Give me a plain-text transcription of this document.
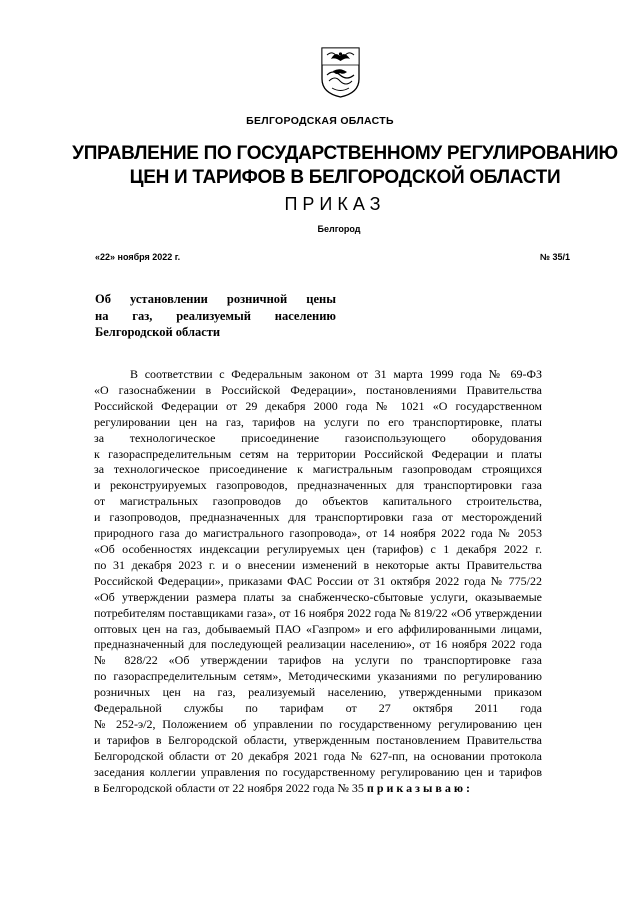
БЕЛГОРОДСКАЯ ОБЛАСТЬ
УПРАВЛЕНИЕ ПО ГОСУДАРСТВЕННОМУ РЕГУЛИРОВАНИЮ
ЦЕН И ТАРИФОВ В БЕЛГОРОДСКОЙ ОБЛАСТИ
ПРИКАЗ
Белгород
«22» ноября 2022 г.	№ 35/1
Об установлении розничной цены
на газ, реализуемый населению
Белгородской области
В соответствии с Федеральным законом от 31 марта 1999 года № 69-ФЗ
«О газоснабжении в Российской Федерации», постановлениями Правительства
Российской Федерации от 29 декабря 2000 года № 1021 «О государственном
регулировании цен на газ, тарифов на услуги по его транспортировке, платы
за технологическое присоединение газоиспользующего оборудования
к газораспределительным сетям на территории Российской Федерации и платы
за технологическое присоединение к магистральным газопроводам строящихся
и реконструируемых газопроводов, предназначенных для транспортировки газа
от магистральных газопроводов до объектов капитального строительства,
и газопроводов, предназначенных для транспортировки газа от месторождений
природного газа до магистрального газопровода», от 14 ноября 2022 года № 2053
«Об особенностях индексации регулируемых цен (тарифов) с 1 декабря 2022 г.
по 31 декабря 2023 г. и о внесении изменений в некоторые акты Правительства
Российской Федерации», приказами ФАС России от 31 октября 2022 года № 775/22
«Об утверждении размера платы за снабженческо-сбытовые услуги, оказываемые
потребителям поставщиками газа», от 16 ноября 2022 года № 819/22 «Об утверждении
оптовых цен на газ, добываемый ПАО «Газпром» и его аффилированными лицами,
предназначенный для последующей реализации населению», от 16 ноября 2022 года
№ 828/22 «Об утверждении тарифов на услуги по транспортировке газа
по газораспределительным сетям», Методическими указаниями по регулированию
розничных цен на газ, реализуемый населению, утвержденными приказом
Федеральной службы по тарифам от 27 октября 2011 года
№ 252-э/2, Положением об управлении по государственному регулированию цен
и тарифов в Белгородской области, утвержденным постановлением Правительства
Белгородской области от 20 декабря 2021 года № 627-пп, на основании протокола
заседания коллегии управления по государственному регулированию цен и тарифов
в Белгородской области от 22 ноября 2022 года № 35 приказываю:
